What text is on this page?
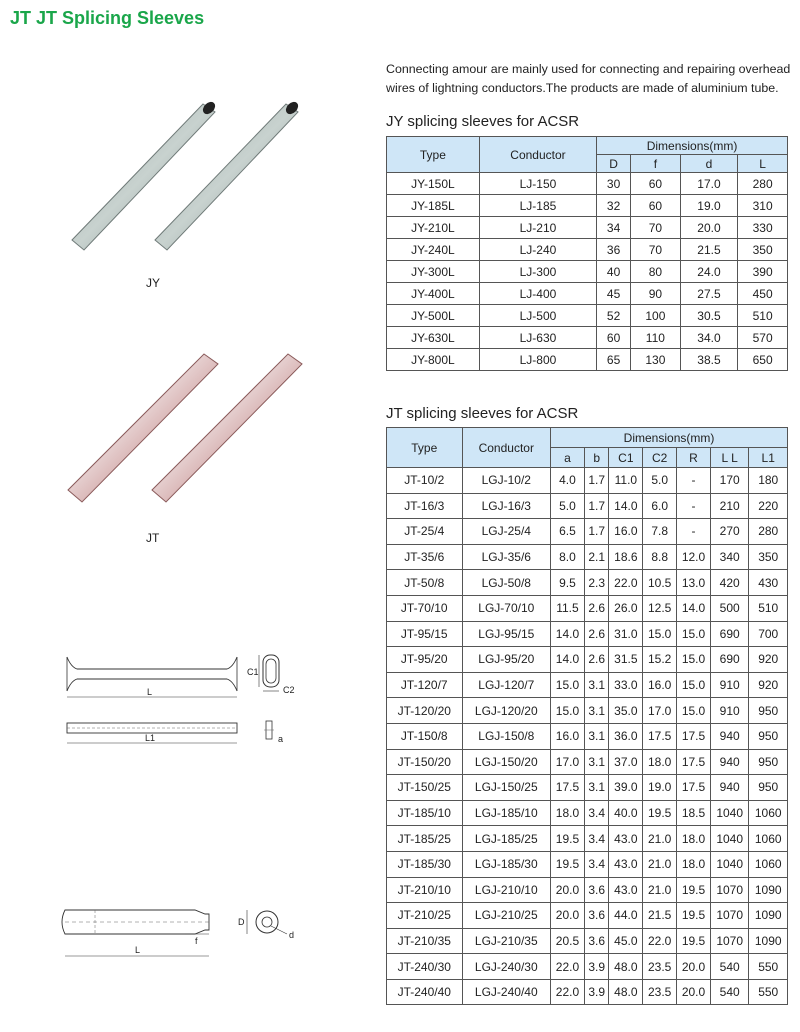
JT JT Splicing Sleeves
JY
JT
L
L1
C1
C2
a
f
L
D
d
Connecting amour are mainly used for connecting and repairing overhead wires of lightning conductors.The products are made of aluminium tube.
JY splicing sleeves for ACSR
Type	Conductor	Dimensions(mm)			
		D	f	d	L
JY-150L	LJ-150	30	60	17.0	280
JY-185L	LJ-185	32	60	19.0	310
JY-210L	LJ-210	34	70	20.0	330
JY-240L	LJ-240	36	70	21.5	350
JY-300L	LJ-300	40	80	24.0	390
JY-400L	LJ-400	45	90	27.5	450
JY-500L	LJ-500	52	100	30.5	510
JY-630L	LJ-630	60	110	34.0	570
JY-800L	LJ-800	65	130	38.5	650
JT splicing sleeves for ACSR
Type	Conductor	Dimensions(mm)						
		a	b	C1	C2	R	L L	L1
JT-10/2	LGJ-10/2	4.0	1.7	11.0	5.0	-	170	180
JT-16/3	LGJ-16/3	5.0	1.7	14.0	6.0	-	210	220
JT-25/4	LGJ-25/4	6.5	1.7	16.0	7.8	-	270	280
JT-35/6	LGJ-35/6	8.0	2.1	18.6	8.8	12.0	340	350
JT-50/8	LGJ-50/8	9.5	2.3	22.0	10.5	13.0	420	430
JT-70/10	LGJ-70/10	11.5	2.6	26.0	12.5	14.0	500	510
JT-95/15	LGJ-95/15	14.0	2.6	31.0	15.0	15.0	690	700
JT-95/20	LGJ-95/20	14.0	2.6	31.5	15.2	15.0	690	920
JT-120/7	LGJ-120/7	15.0	3.1	33.0	16.0	15.0	910	920
JT-120/20	LGJ-120/20	15.0	3.1	35.0	17.0	15.0	910	950
JT-150/8	LGJ-150/8	16.0	3.1	36.0	17.5	17.5	940	950
JT-150/20	LGJ-150/20	17.0	3.1	37.0	18.0	17.5	940	950
JT-150/25	LGJ-150/25	17.5	3.1	39.0	19.0	17.5	940	950
JT-185/10	LGJ-185/10	18.0	3.4	40.0	19.5	18.5	1040	1060
JT-185/25	LGJ-185/25	19.5	3.4	43.0	21.0	18.0	1040	1060
JT-185/30	LGJ-185/30	19.5	3.4	43.0	21.0	18.0	1040	1060
JT-210/10	LGJ-210/10	20.0	3.6	43.0	21.0	19.5	1070	1090
JT-210/25	LGJ-210/25	20.0	3.6	44.0	21.5	19.5	1070	1090
JT-210/35	LGJ-210/35	20.5	3.6	45.0	22.0	19.5	1070	1090
JT-240/30	LGJ-240/30	22.0	3.9	48.0	23.5	20.0	540	550
JT-240/40	LGJ-240/40	22.0	3.9	48.0	23.5	20.0	540	550
